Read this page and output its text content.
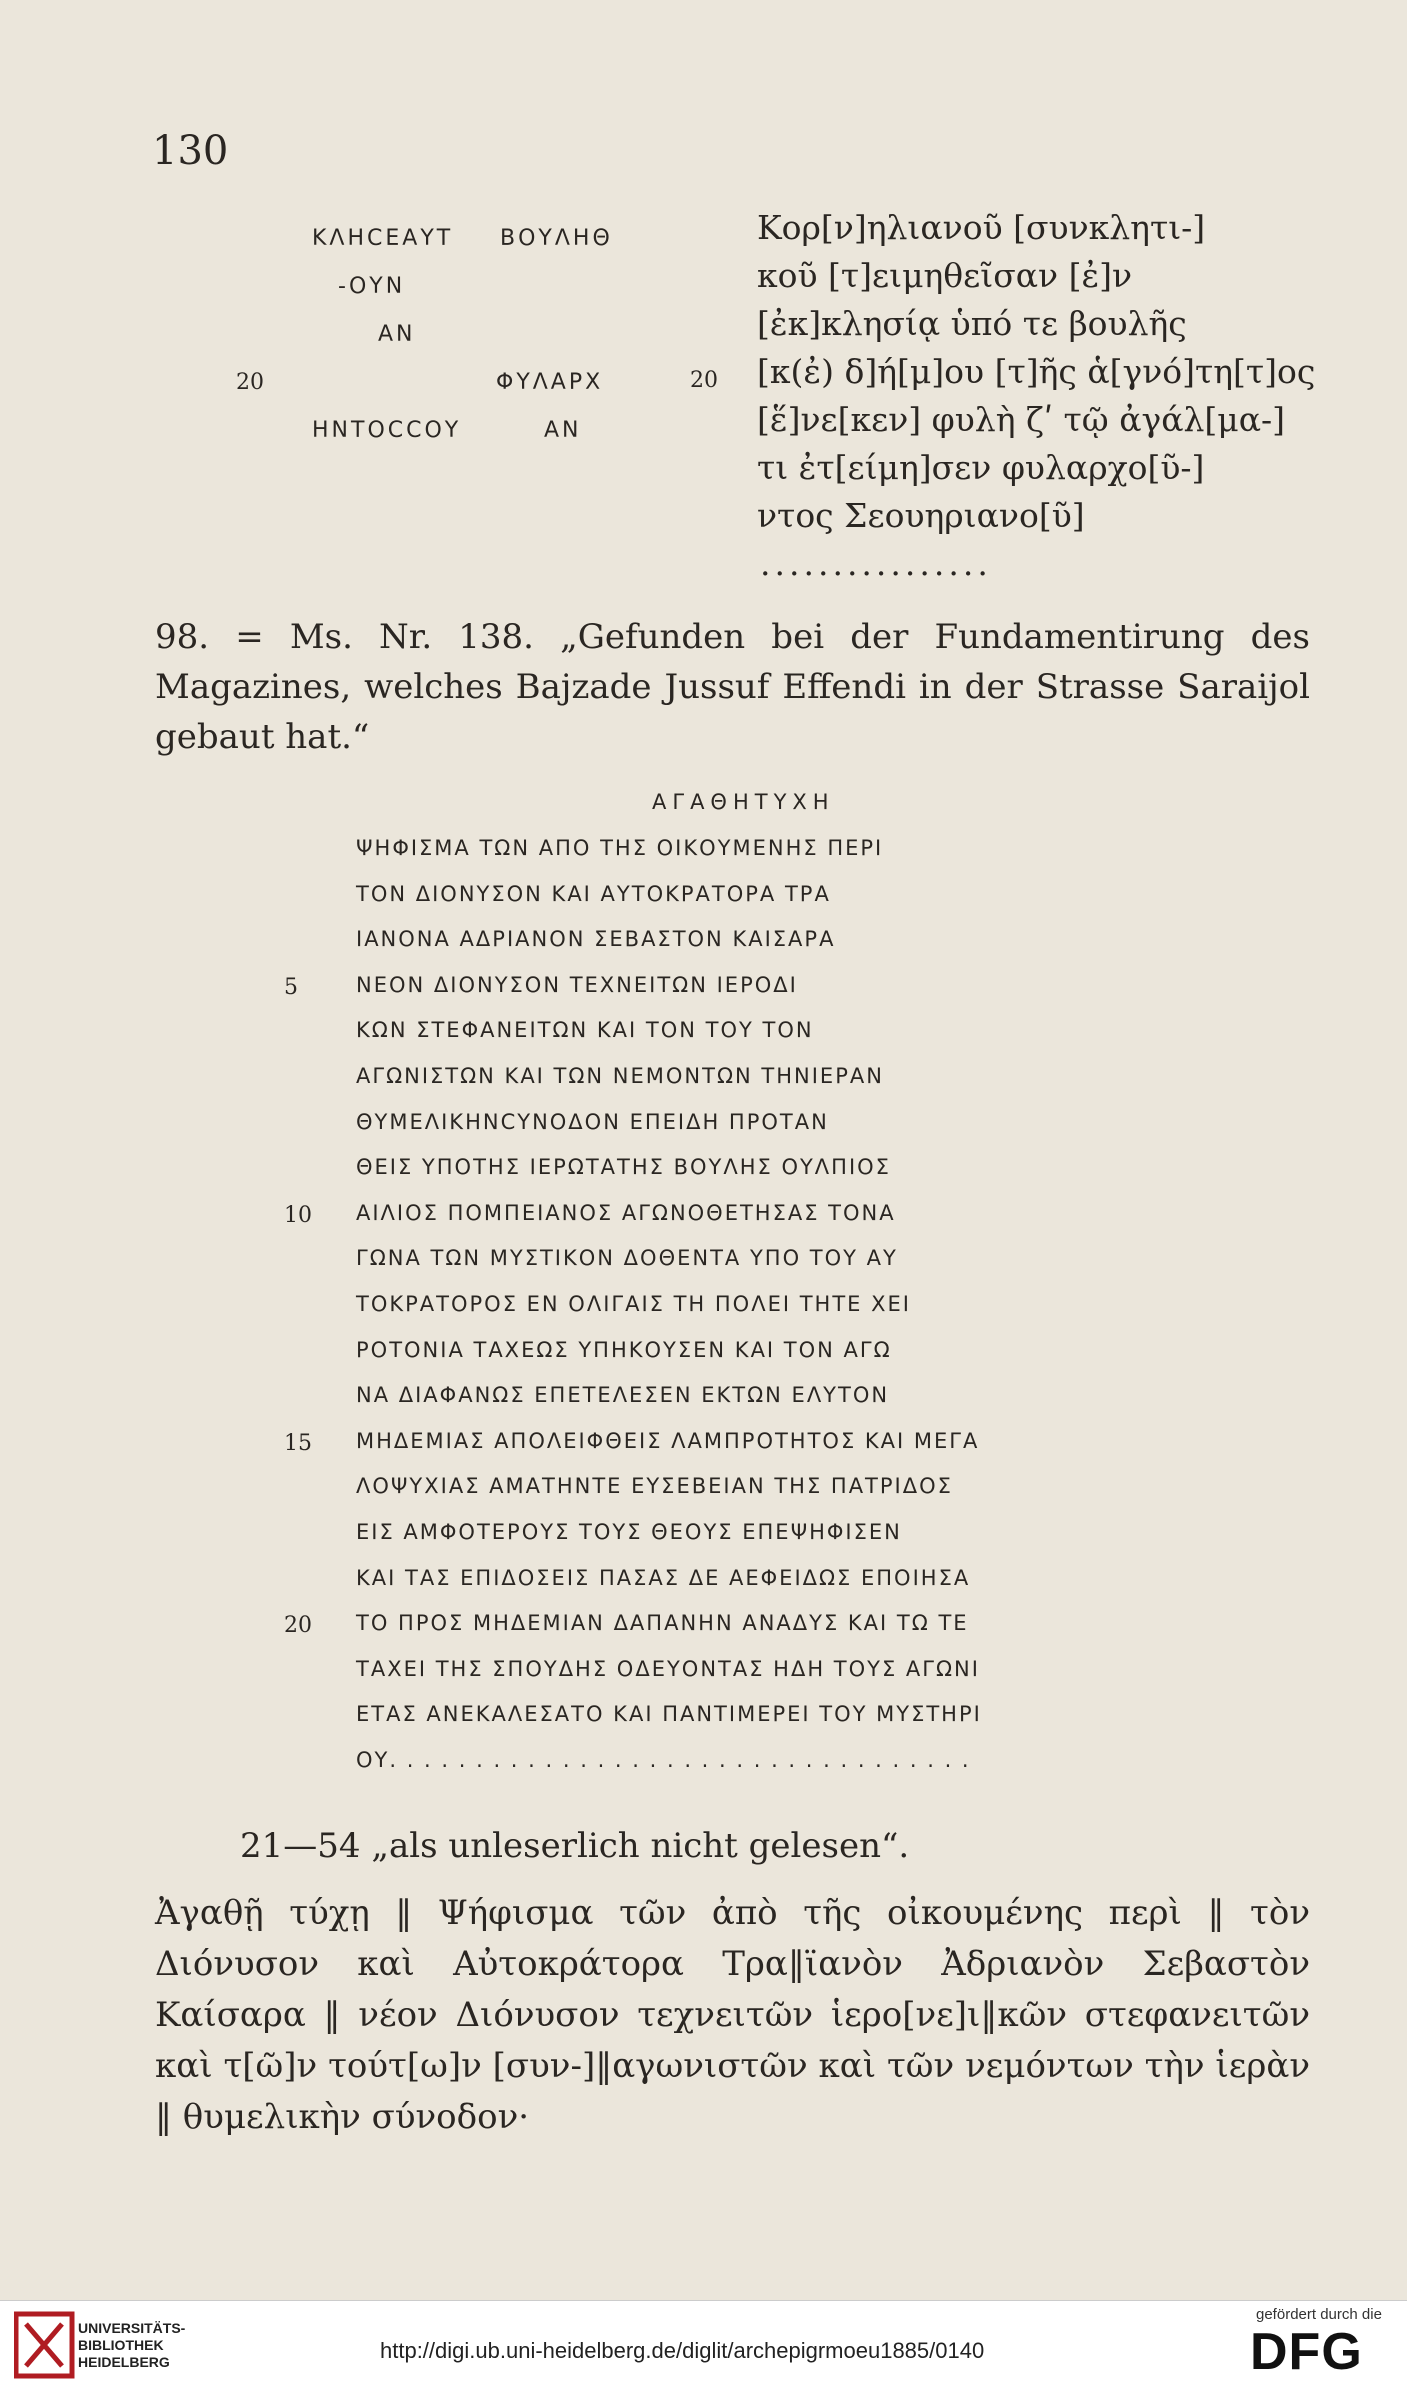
130
ΚΛΗCΕΑΥΤ ΒΟΥΛΗΘ
-ΟΥΝ
ΑΝ
20	ΦΥΛΑΡΧ
ΗΝΤΟCCΟΥ	ΑΝ
Κορ[ν]ηλιανοῦ [συνκλητι-]
κοῦ [τ]ειμηθεῖσαν [ἐ]ν
[ἐκ]κλησίᾳ ὑπό τε βουλῆς
20 [κ(ἐ) δ]ή[μ]ου [τ]ῆς ἁ[γνό]τη[τ]ος
[ἕ]νε[κεν] φυλὴ ζʹ τῷ ἀγάλ[μα-]
τι ἐτ[είμη]σεν φυλαρχο[ῦ-]
ντος Σεουηριανο[ῦ]
................
98. = Ms. Nr. 138. „Gefunden bei der Fundamentirung des Magazines, welches Bajzade Jussuf Effendi in der Strasse Saraijol gebaut hat.“
ΑΓΑΘΗΤΥΧΗ
ΨΗΦΙΣΜΑ ΤΩΝ ΑΠΟ ΤΗΣ ΟΙΚΟΥΜΕΝΗΣ ΠΕΡΙ
ΤΟΝ ΔΙΟΝΥΣΟΝ ΚΑΙ ΑΥΤΟΚΡΑΤΟΡΑ ΤΡΑ
ΙΑΝΟΝΑ ΑΔΡΙΑΝΟΝ ΣΕΒΑΣΤΟΝ ΚΑΙΣΑΡΑ
5	ΝΕΟΝ ΔΙΟΝΥΣΟΝ ΤΕΧΝΕΙΤΩΝ ΙΕΡΟΔΙ
ΚΩΝ ΣΤΕΦΑΝΕΙΤΩΝ ΚΑΙ ΤΟΝ ΤΟΥ ΤΟΝ
ΑΓΩΝΙΣΤΩΝ ΚΑΙ ΤΩΝ ΝΕΜΟΝΤΩΝ ΤΗΝΙΕΡΑΝ
ΘΥΜΕΛΙΚΗΝCΥΝΟΔΟΝ ΕΠΕΙΔΗ ΠΡΟΤΑΝ
ΘΕΙΣ ΥΠΟΤΗΣ ΙΕΡΩΤΑΤΗΣ ΒΟΥΛΗΣ ΟΥΛΠΙΟΣ
10 ΑΙΛΙΟΣ ΠΟΜΠΕΙΑΝΟΣ ΑΓΩΝΟΘΕΤΗΣΑΣ ΤΟΝΑ
ΓΩΝΑ ΤΩΝ ΜΥΣΤΙΚΟΝ ΔΟΘΕΝΤΑ ΥΠΟ ΤΟΥ ΑΥ
ΤΟΚΡΑΤΟΡΟΣ ΕΝ ΟΛΙΓΑΙΣ ΤΗ ΠΟΛΕΙ ΤΗΤΕ ΧΕΙ
ΡΟΤΟΝΙΑ ΤΑΧΕΩΣ ΥΠΗΚΟΥΣΕΝ ΚΑΙ ΤΟΝ ΑΓΩ
ΝΑ ΔΙΑΦΑΝΩΣ ΕΠΕΤΕΛΕΣΕΝ ΕΚΤΩΝ ΕΛΥΤΟΝ
15 ΜΗΔΕΜΙΑΣ ΑΠΟΛΕΙΦΘΕΙΣ ΛΑΜΠΡΟΤΗΤΟΣ ΚΑΙ ΜΕΓΑ
ΛΟΨΥΧΙΑΣ ΑΜΑΤΗΝΤΕ ΕΥΣΕΒΕΙΑΝ ΤΗΣ ΠΑΤΡΙΔΟΣ
ΕΙΣ ΑΜΦΟΤΕΡΟΥΣ ΤΟΥΣ ΘΕΟΥΣ ΕΠΕΨΗΦΙΣΕΝ
ΚΑΙ ΤΑΣ ΕΠΙΔΟΣΕΙΣ ΠΑΣΑΣ ΔΕ ΑΕΦΕΙΔΩΣ ΕΠΟΙΗΣΑ
20 ΤΟ ΠΡΟΣ ΜΗΔΕΜΙΑΝ ΔΑΠΑΝΗΝ ΑΝΑΔΥΣ ΚΑΙ ΤΩ ΤΕ
ΤΑΧΕΙ ΤΗΣ ΣΠΟΥΔΗΣ ΟΔΕΥΟΝΤΑΣ ΗΔΗ ΤΟΥΣ ΑΓΩΝΙ
ΕΤΑΣ ΑΝΕΚΑΛΕΣΑΤΟ ΚΑΙ ΠΑΝΤΙΜΕΡΕΙ ΤΟΥ ΜΥΣΤΗΡΙ
ΟΥ. . . . . . . . . . . . . . . . . . . . . . . . . . . . . . . . . .
21—54 „als unleserlich nicht gelesen“.
Ἀγαθῇ τύχῃ ‖ Ψήφισμα τῶν ἀπὸ τῆς οἰκουμένης περὶ ‖ τὸν Διόνυσον καὶ Αὐτοκράτορα Τρα‖ϊανὸν Ἀδριανὸν Σεβαστὸν Καίσαρα ‖ νέον Διόνυσον τεχνειτῶν ἱερο[νε]ι‖κῶν στεφανειτῶν καὶ τ[ῶ]ν τούτ[ω]ν [συν-]‖αγωνιστῶν καὶ τῶν νεμόντων τὴν ἱερὰν ‖ θυμελικὴν σύνοδον·
UNIVERSITÄTS-
BIBLIOTHEK
HEIDELBERG	http://digi.ub.uni-heidelberg.de/diglit/archepigrmoeu1885/0140
gefördert durch die
DFG
